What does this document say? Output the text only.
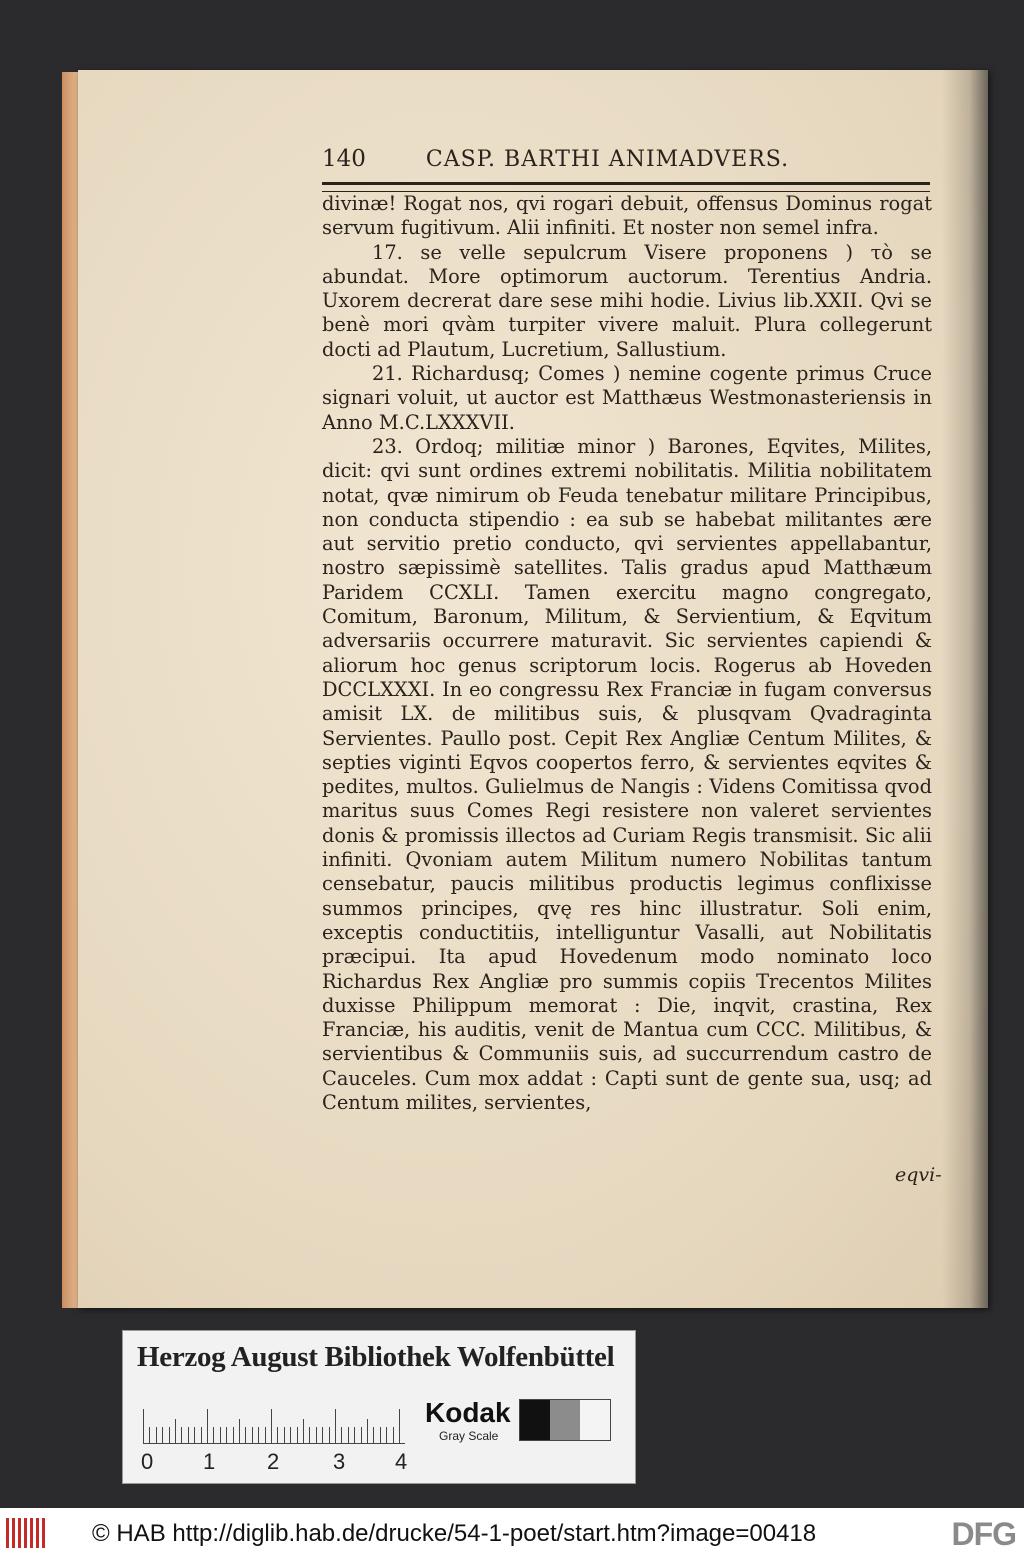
140	CASP. BARTHI ANIMADVERS.

divinæ! Rogat nos, qvi rogari debuit, offensus Dominus rogat servum fugitivum. Alii infiniti. Et noster non semel infra.

17. se velle sepulcrum Visere proponens ) τὸ se abundat. More optimorum auctorum. Terentius Andria. Uxorem decrerat dare sese mihi hodie. Livius lib.XXII. Qvi se benè mori qvàm turpiter vivere maluit. Plura collegerunt docti ad Plautum, Lucretium, Sallustium.

21. Richardusq; Comes ) nemine cogente primus Cruce signari voluit, ut auctor est Matthæus Westmonasteriensis in Anno M.C.LXXXVII.

23. Ordoq; militiæ minor ) Barones, Eqvites, Milites, dicit: qvi sunt ordines extremi nobilitatis. Militia nobilitatem notat, qvæ nimirum ob Feuda tenebatur militare Principibus, non conducta stipendio : ea sub se habebat militantes ære aut servitio pretio conducto, qvi servientes appellabantur, nostro sæpissimè satellites. Talis gradus apud Matthæum Paridem CCXLI. Tamen exercitu magno congregato, Comitum, Baronum, Militum, & Servientium, & Eqvitum adversariis occurrere maturavit. Sic servientes capiendi & aliorum hoc genus scriptorum locis. Rogerus ab Hoveden DCCLXXXI. In eo congressu Rex Franciæ in fugam conversus amisit LX. de militibus suis, & plusqvam Qvadraginta Servientes. Paullo post. Cepit Rex Angliæ Centum Milites, & septies viginti Eqvos coopertos ferro, & servientes eqvites & pedites, multos. Gulielmus de Nangis : Videns Comitissa qvod maritus suus Comes Regi resistere non valeret servientes donis & promissis illectos ad Curiam Regis transmisit. Sic alii infiniti. Qvoniam autem Militum numero Nobilitas tantum censebatur, paucis militibus productis legimus conflixisse summos principes, qvę res hinc illustratur. Soli enim, exceptis conductitiis, intelliguntur Vasalli, aut Nobilitatis præcipui. Ita apud Hovedenum modo nominato loco Richardus Rex Angliæ pro summis copiis Trecentos Milites duxisse Philippum memorat : Die, inqvit, crastina, Rex Franciæ, his auditis, venit de Mantua cum CCC. Militibus, & servientibus & Communiis suis, ad succurrendum castro de Cauceles. Cum mox addat : Capti sunt de gente sua, usq; ad Centum milites, servientes,

eqvi-
Herzog August Bibliothek Wolfenbüttel
0 1 2 3 4
Kodak
Gray Scale
© HAB http://diglib.hab.de/drucke/54-1-poet/start.htm?image=00418	DFG
